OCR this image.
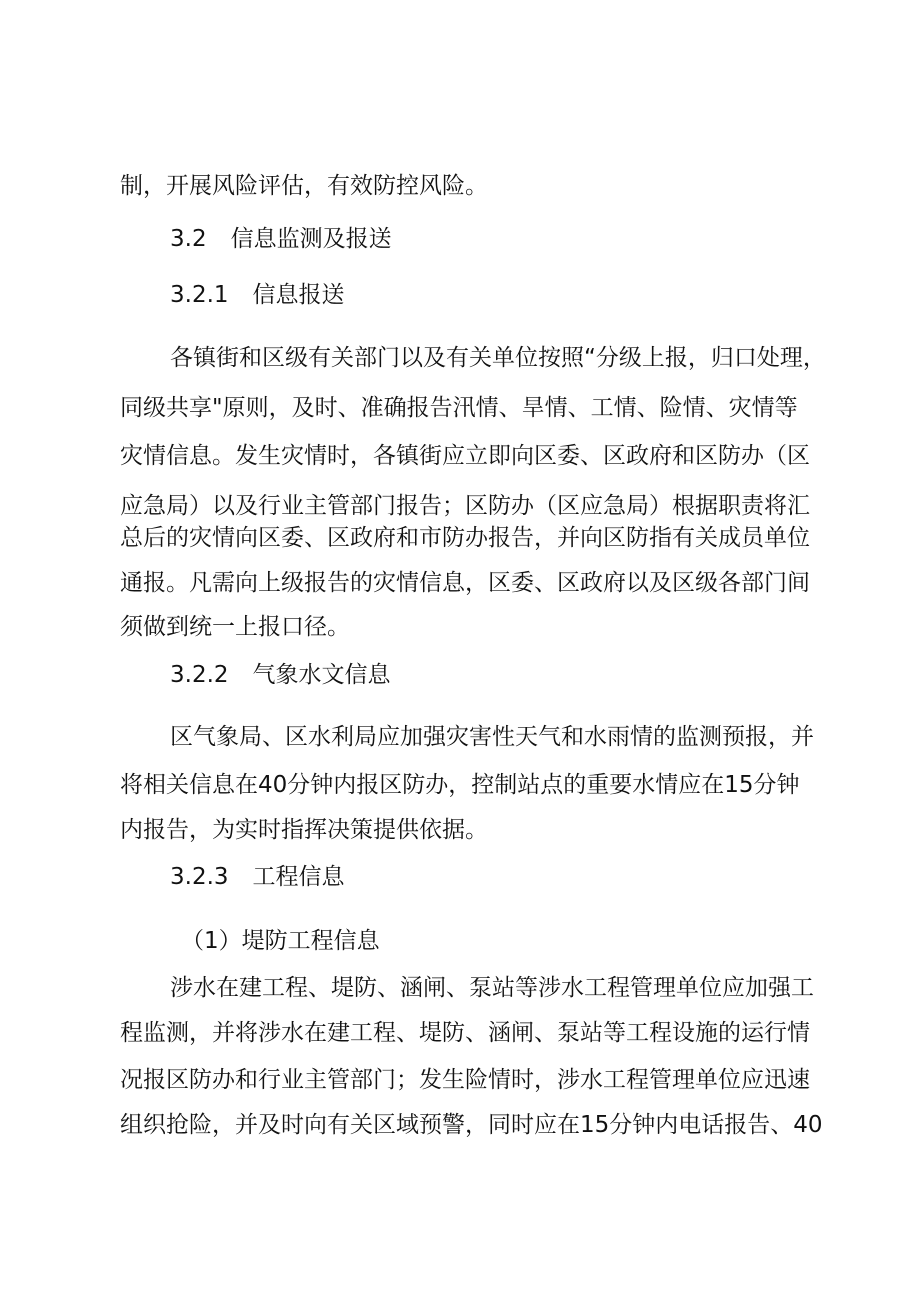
制，开展风险评估，有效防控风险。
3.2 信息监测及报送
3.2.1 信息报送
各镇街和区级有关部门以及有关单位按照“分级上报，归口处理，
同级共享"原则，及时、准确报告汛情、旱情、工情、险情、灾情等
灾情信息。发生灾情时，各镇街应立即向区委、区政府和区防办（区
应急局）以及行业主管部门报告；区防办（区应急局）根据职责将汇
总后的灾情向区委、区政府和市防办报告，并向区防指有关成员单位
通报。凡需向上级报告的灾情信息，区委、区政府以及区级各部门间
须做到统一上报口径。
3.2.2 气象水文信息
区气象局、区水利局应加强灾害性天气和水雨情的监测预报，并
将相关信息在40分钟内报区防办，控制站点的重要水情应在15分钟
内报告，为实时指挥决策提供依据。
3.2.3 工程信息
（1）堤防工程信息
涉水在建工程、堤防、涵闸、泵站等涉水工程管理单位应加强工
程监测，并将涉水在建工程、堤防、涵闸、泵站等工程设施的运行情
况报区防办和行业主管部门；发生险情时，涉水工程管理单位应迅速
组织抢险，并及时向有关区域预警，同时应在15分钟内电话报告、40
